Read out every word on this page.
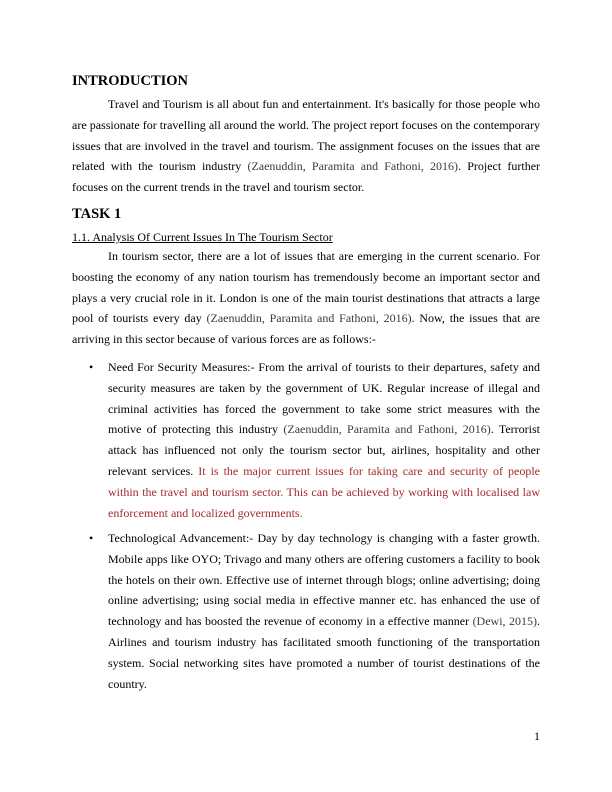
INTRODUCTION

Travel and Tourism is all about fun and entertainment. It's basically for those people who are passionate for travelling all around the world. The project report focuses on the contemporary issues that are involved in the travel and tourism. The assignment focuses on the issues that are related with the tourism industry (Zaenuddin, Paramita and Fathoni, 2016). Project further focuses on the current trends in the travel and tourism sector.

TASK 1

1.1. Analysis Of Current Issues In The Tourism Sector

In tourism sector, there are a lot of issues that are emerging in the current scenario. For boosting the economy of any nation tourism has tremendously become an important sector and plays a very crucial role in it. London is one of the main tourist destinations that attracts a large pool of tourists every day (Zaenuddin, Paramita and Fathoni, 2016). Now, the issues that are arriving in this sector because of various forces are as follows:-

• Need For Security Measures:- From the arrival of tourists to their departures, safety and security measures are taken by the government of UK. Regular increase of illegal and criminal activities has forced the government to take some strict measures with the motive of protecting this industry (Zaenuddin, Paramita and Fathoni, 2016). Terrorist attack has influenced not only the tourism sector but, airlines, hospitality and other relevant services. It is the major current issues for taking care and security of people within the travel and tourism sector. This can be achieved by working with localised law enforcement and localized governments.

• Technological Advancement:- Day by day technology is changing with a faster growth. Mobile apps like OYO; Trivago and many others are offering customers a facility to book the hotels on their own. Effective use of internet through blogs; online advertising; doing online advertising; using social media in effective manner etc. has enhanced the use of technology and has boosted the revenue of economy in a effective manner (Dewi, 2015). Airlines and tourism industry has facilitated smooth functioning of the transportation system. Social networking sites have promoted a number of tourist destinations of the country.

1
